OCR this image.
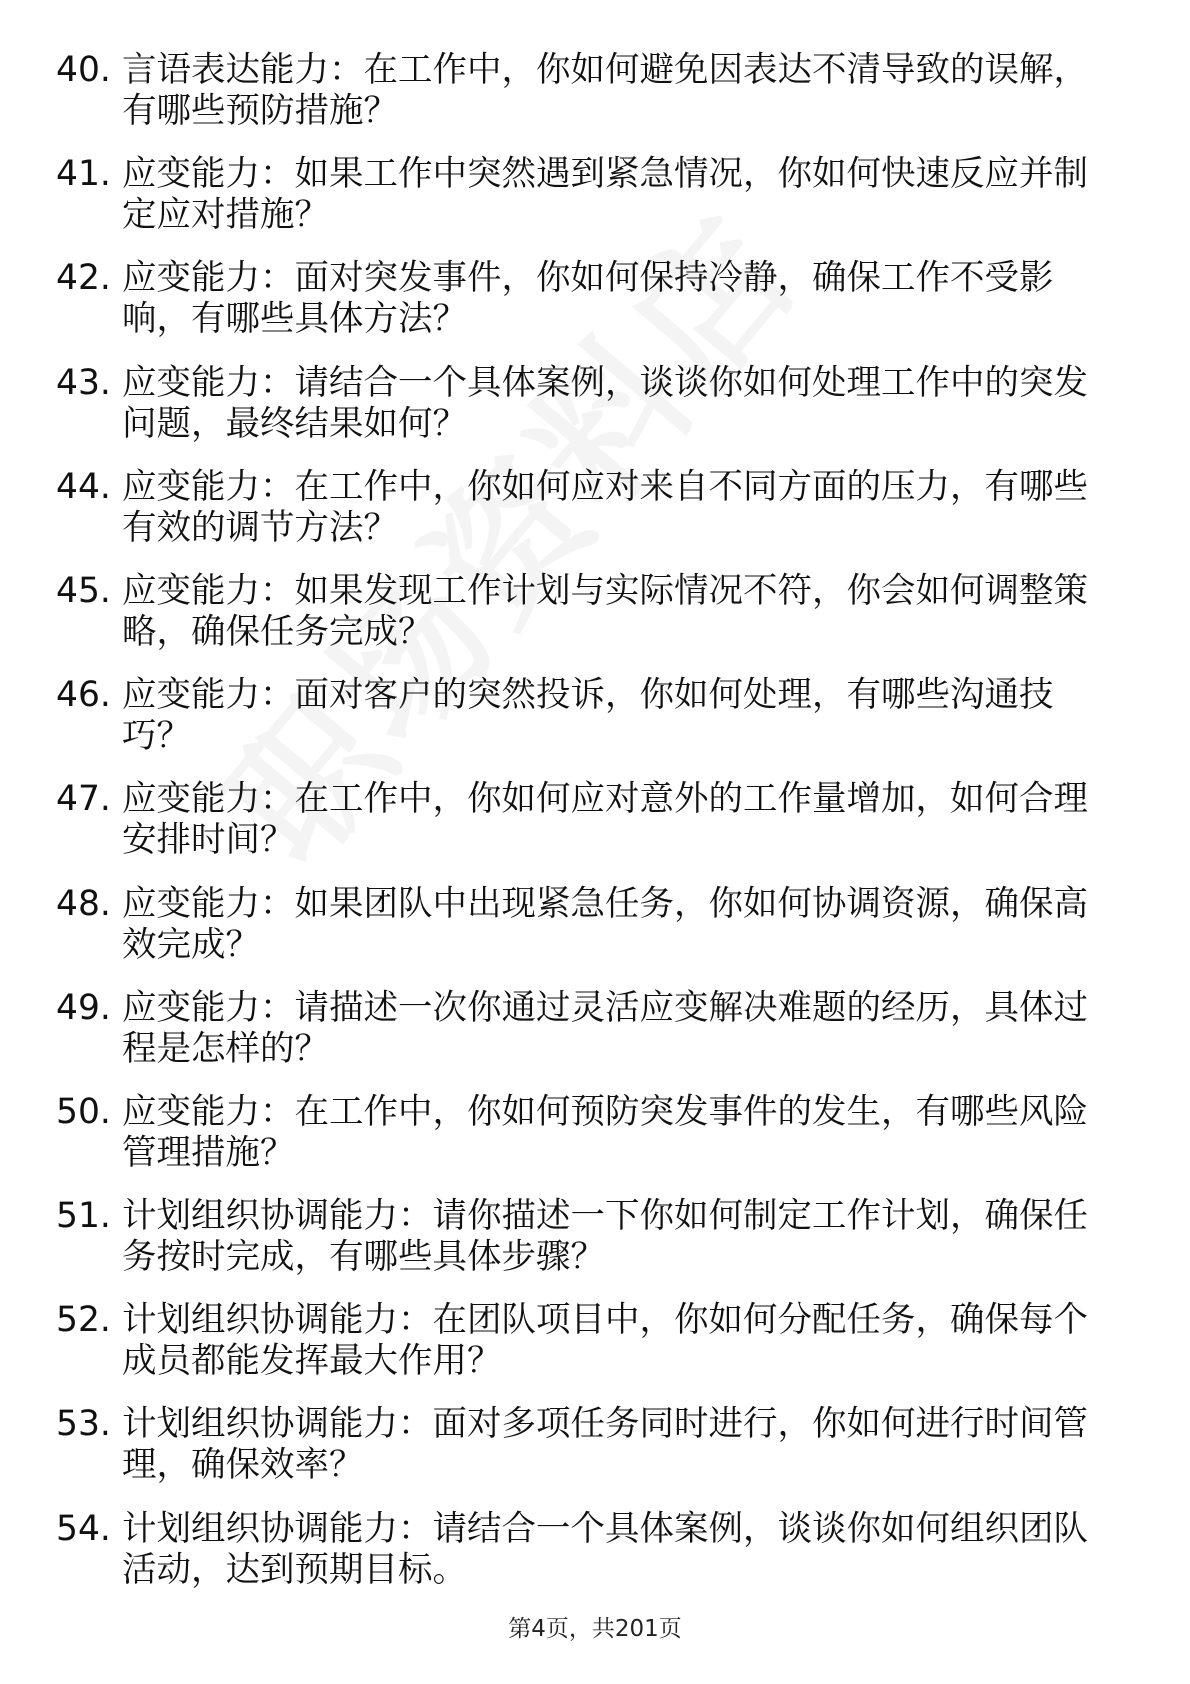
40. 言语表达能力：在工作中，你如何避免因表达不清导致的误解，有哪些预防措施？
41. 应变能力：如果工作中突然遇到紧急情况，你如何快速反应并制定应对措施？
42. 应变能力：面对突发事件，你如何保持冷静，确保工作不受影响，有哪些具体方法？
43. 应变能力：请结合一个具体案例，谈谈你如何处理工作中的突发问题，最终结果如何？
44. 应变能力：在工作中，你如何应对来自不同方面的压力，有哪些有效的调节方法？
45. 应变能力：如果发现工作计划与实际情况不符，你会如何调整策略，确保任务完成？
46. 应变能力：面对客户的突然投诉，你如何处理，有哪些沟通技巧？
47. 应变能力：在工作中，你如何应对意外的工作量增加，如何合理安排时间？
48. 应变能力：如果团队中出现紧急任务，你如何协调资源，确保高效完成？
49. 应变能力：请描述一次你通过灵活应变解决难题的经历，具体过程是怎样的？
50. 应变能力：在工作中，你如何预防突发事件的发生，有哪些风险管理措施？
51. 计划组织协调能力：请你描述一下你如何制定工作计划，确保任务按时完成，有哪些具体步骤？
52. 计划组织协调能力：在团队项目中，你如何分配任务，确保每个成员都能发挥最大作用？
53. 计划组织协调能力：面对多项任务同时进行，你如何进行时间管理，确保效率？
54. 计划组织协调能力：请结合一个具体案例，谈谈你如何组织团队活动，达到预期目标。
第4页，共201页
